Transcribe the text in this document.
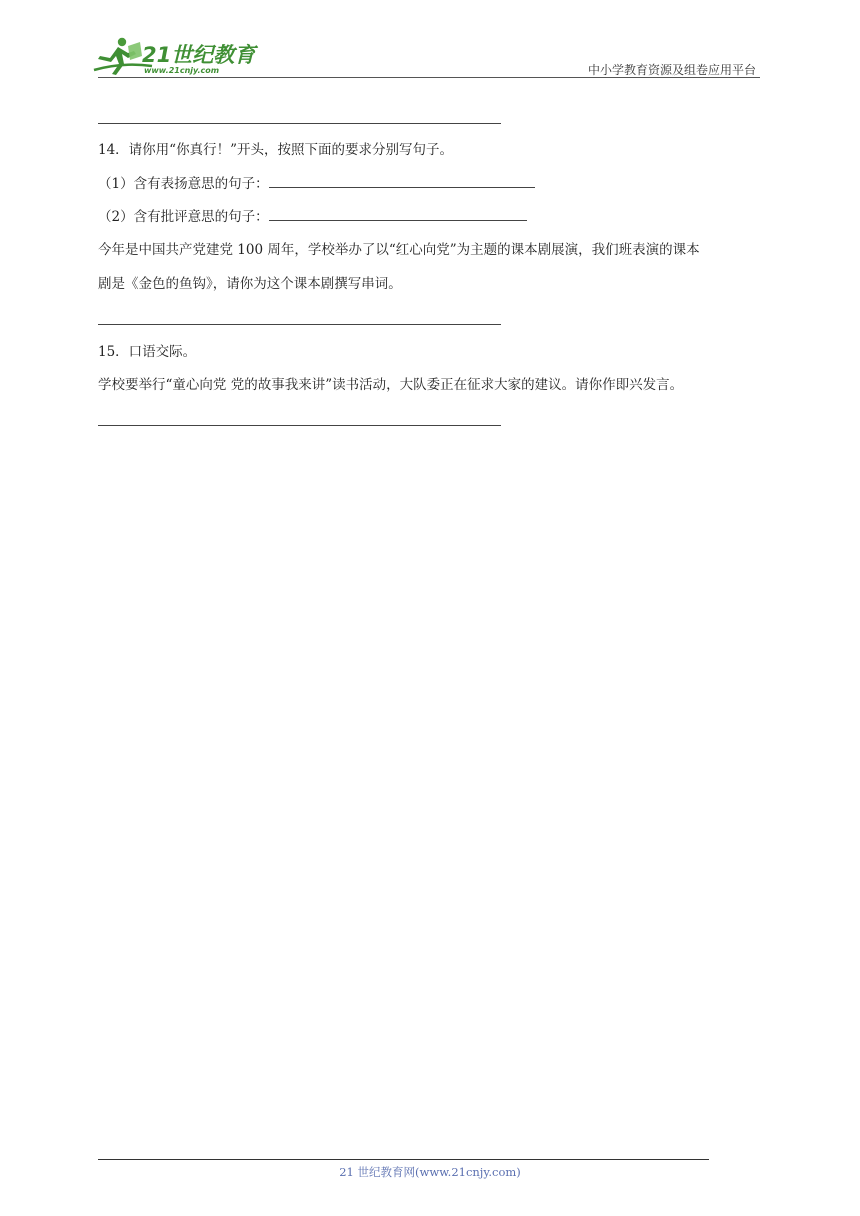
21世纪教育
www.21cnjy.com	中小学教育资源及组卷应用平台
14．请你用“你真行！”开头，按照下面的要求分别写句子。
（1）含有表扬意思的句子：
（2）含有批评意思的句子：
今年是中国共产党建党 100 周年，学校举办了以“红心向党”为主题的课本剧展演，我们班表演的课本
剧是《金色的鱼钩》，请你为这个课本剧撰写串词。
15．口语交际。
学校要举行“童心向党 党的故事我来讲”读书活动，大队委正在征求大家的建议。请你作即兴发言。
21 世纪教育网(www.21cnjy.com)
